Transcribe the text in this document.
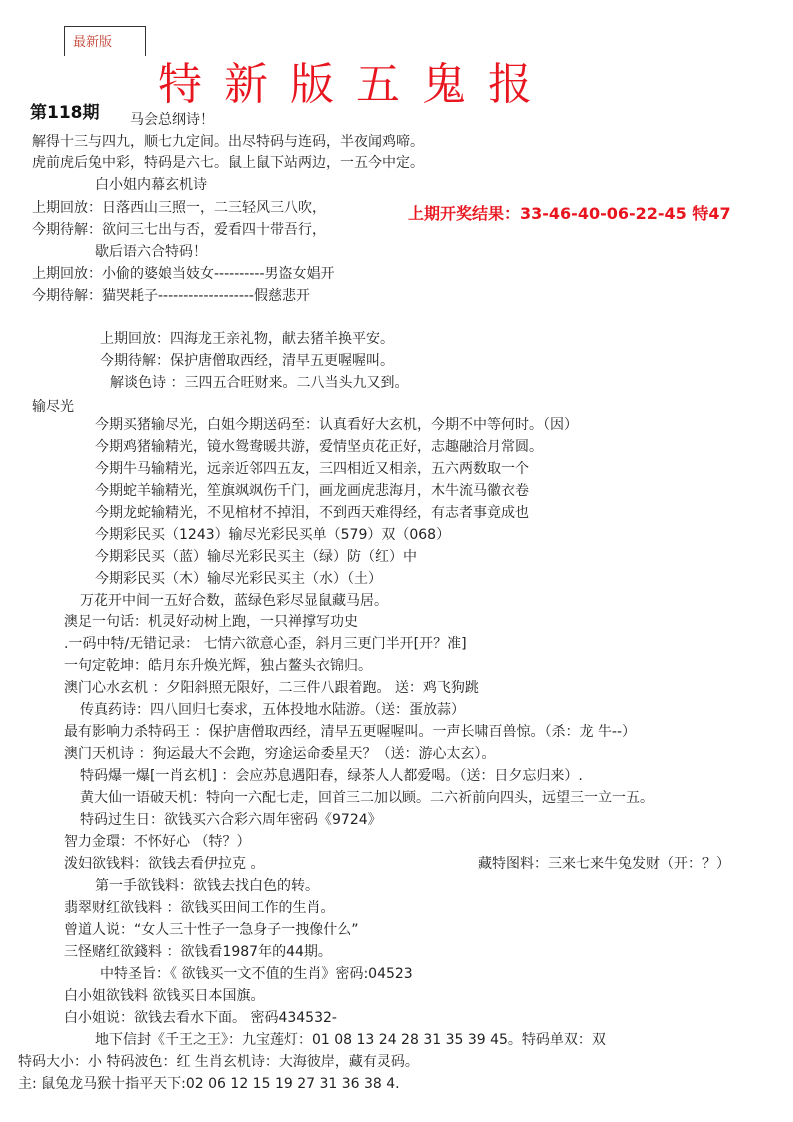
最新版
特新版五鬼报
第118期 马会总纲诗！
上期开奖结果：33-46-40-06-22-45 特47
解得十三与四九，顺七九定间。出尽特码与连码，半夜闻鸡啼。
虎前虎后兔中彩，特码是六七。鼠上鼠下站两边，一五今中定。
白小姐内幕玄机诗
上期回放：日落西山三照一，二三轻风三八吹，
今期待解：欲问三七出与否，爱看四十带吾行，
歇后语六合特码！
上期回放：小偷的婆娘当妓女----------男盗女娼开
今期待解：猫哭耗子-------------------假慈悲开
上期回放：四海龙王亲礼物，献去猪羊换平安。
今期待解：保护唐僧取西经，清早五更喔喔叫。
解谈色诗 ：三四五合旺财来。二八当头九又到。
输尽光
今期买猪输尽光，白姐今期送码至：认真看好大玄机，今期不中等何时。（因）
今期鸡猪输精光，镜水鸳鸯暖共游，爱情坚贞花正好，志趣融洽月常圆。
今期牛马输精光，远亲近邻四五友，三四相近又相亲，五六两数取一个
今期蛇羊输精光，笙旗飒飒伤千门，画龙画虎悲海月，木牛流马徽衣卷
今期龙蛇输精光，不见棺材不掉泪，不到西天难得经，有志者事竟成也
今期彩民买（1243）输尽光彩民买单（579）双（068）
今期彩民买（蓝）输尽光彩民买主（绿）防（红）中
今期彩民买（木）输尽光彩民买主（水）（土）
万花开中间一五好合数，蓝绿色彩尽显鼠藏马居。
澳足一句话：机灵好动树上跑，一只禅撑写功史
.一码中特/无错记录： 七情六欲意心歪，斜月三更门半开[开？准]
一句定乾坤：皓月东升焕光辉，独占鳌头衣锦归。
澳门心水玄机 ：夕阳斜照无限好，二三件八跟着跑。 送：鸡飞狗跳
传真药诗：四八回归七奏求，五体投地水陆游。（送：蛋放蒜）
最有影响力杀特码王 ：保护唐僧取西经，清早五更喔喔叫。一声长啸百兽惊。（杀：龙 牛--）
澳门天机诗 ：狗运最大不会跑，穷途运命委星天？（送：游心太玄）。
特码爆一爆[一肖玄机] ：会应苏息遇阳春，绿茶人人都爱喝。（送：日夕忘归来）.
黄大仙一语破天机：特向一六配七走，回首三二加以顾。二六祈前向四头，远望三一立一五。
特码过生日：欲钱买六合彩六周年密码《9724》
智力金環：不怀好心 （特？）
泼妇欲钱料：欲钱去看伊拉克 。	藏特图料：三来七来牛兔发财（开：？）
第一手欲钱料：欲钱去找白色的转。
翡翠财红欲钱料 ：欲钱买田间工作的生肖。
曾道人说：“女人三十性子一急身子一拽像什么”
三怪赌红欲錢料 ：欲钱看1987年的44期。
中特圣旨：《 欲钱买一文不值的生肖》密码:04523
白小姐欲钱料 欲钱买日本国旗。
白小姐说：欲钱去看水下面。 密码434532-
地下信封《千王之王》：九宝莲灯：01 08 13 24 28 31 35 39 45。特码单双：双
特码大小：小 特码波色：红 生肖玄机诗：大海彼岸，藏有灵码。
主: 鼠兔龙马猴十指平天下:02 06 12 15 19 27 31 36 38 4.
